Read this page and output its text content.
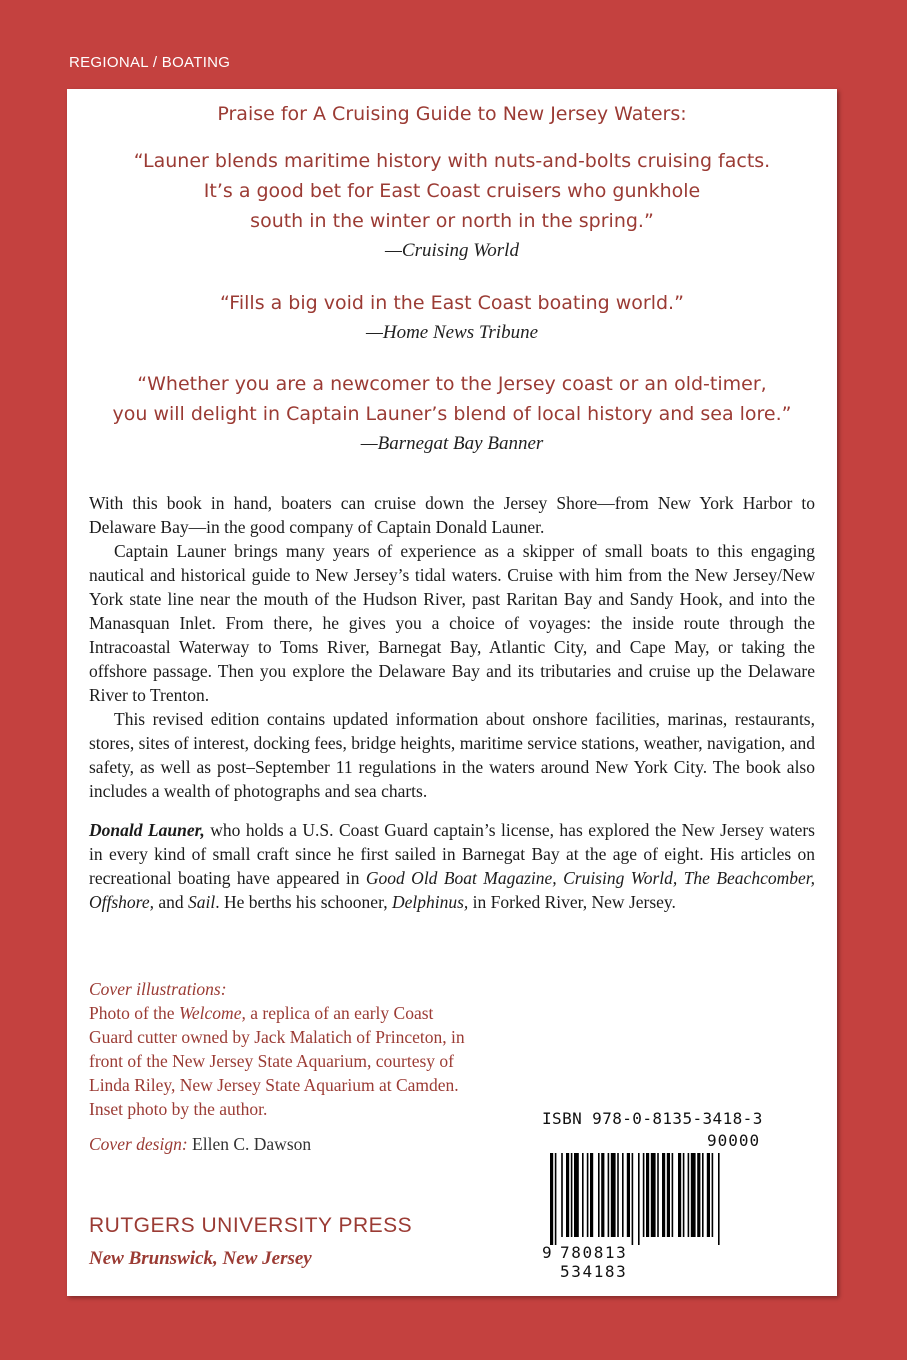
REGIONAL / BOATING

Praise for A Cruising Guide to New Jersey Waters:

“Launer blends maritime history with nuts-and-bolts cruising facts.

It’s a good bet for East Coast cruisers who gunkhole

south in the winter or north in the spring.”

—Cruising World

“Fills a big void in the East Coast boating world.”

—Home News Tribune

“Whether you are a newcomer to the Jersey coast or an old-timer,

you will delight in Captain Launer’s blend of local history and sea lore.”

—Barnegat Bay Banner

With this book in hand, boaters can cruise down the Jersey Shore—from New York Harbor to Delaware Bay—in the good company of Captain Donald Launer.

Captain Launer brings many years of experience as a skipper of small boats to this engaging nautical and historical guide to New Jersey’s tidal waters. Cruise with him from the New Jersey/New York state line near the mouth of the Hudson River, past Raritan Bay and Sandy Hook, and into the Manasquan Inlet. From there, he gives you a choice of voyages: the inside route through the Intracoastal Waterway to Toms River, Barnegat Bay, Atlantic City, and Cape May, or taking the offshore passage. Then you explore the Delaware Bay and its tributaries and cruise up the Delaware River to Trenton.

This revised edition contains updated information about onshore facilities, marinas, restaurants, stores, sites of interest, docking fees, bridge heights, maritime service stations, weather, navigation, and safety, as well as post–September 11 regulations in the waters around New York City. The book also includes a wealth of photographs and sea charts.

Donald Launer, who holds a U.S. Coast Guard captain’s license, has explored the New Jersey waters in every kind of small craft since he first sailed in Barnegat Bay at the age of eight. His articles on recreational boating have appeared in Good Old Boat Magazine, Cruising World, The Beachcomber, Offshore, and Sail. He berths his schooner, Delphinus, in Forked River, New Jersey.

Cover illustrations:

Photo of the Welcome, a replica of an early Coast Guard cutter owned by Jack Malatich of Princeton, in front of the New Jersey State Aquarium, courtesy of Linda Riley, New Jersey State Aquarium at Camden. Inset photo by the author.

Cover design: Ellen C. Dawson

RUTGERS UNIVERSITY PRESS
New Brunswick, New Jersey
ISBN 978-0-8135-3418-3
90000
9 780813 534183
